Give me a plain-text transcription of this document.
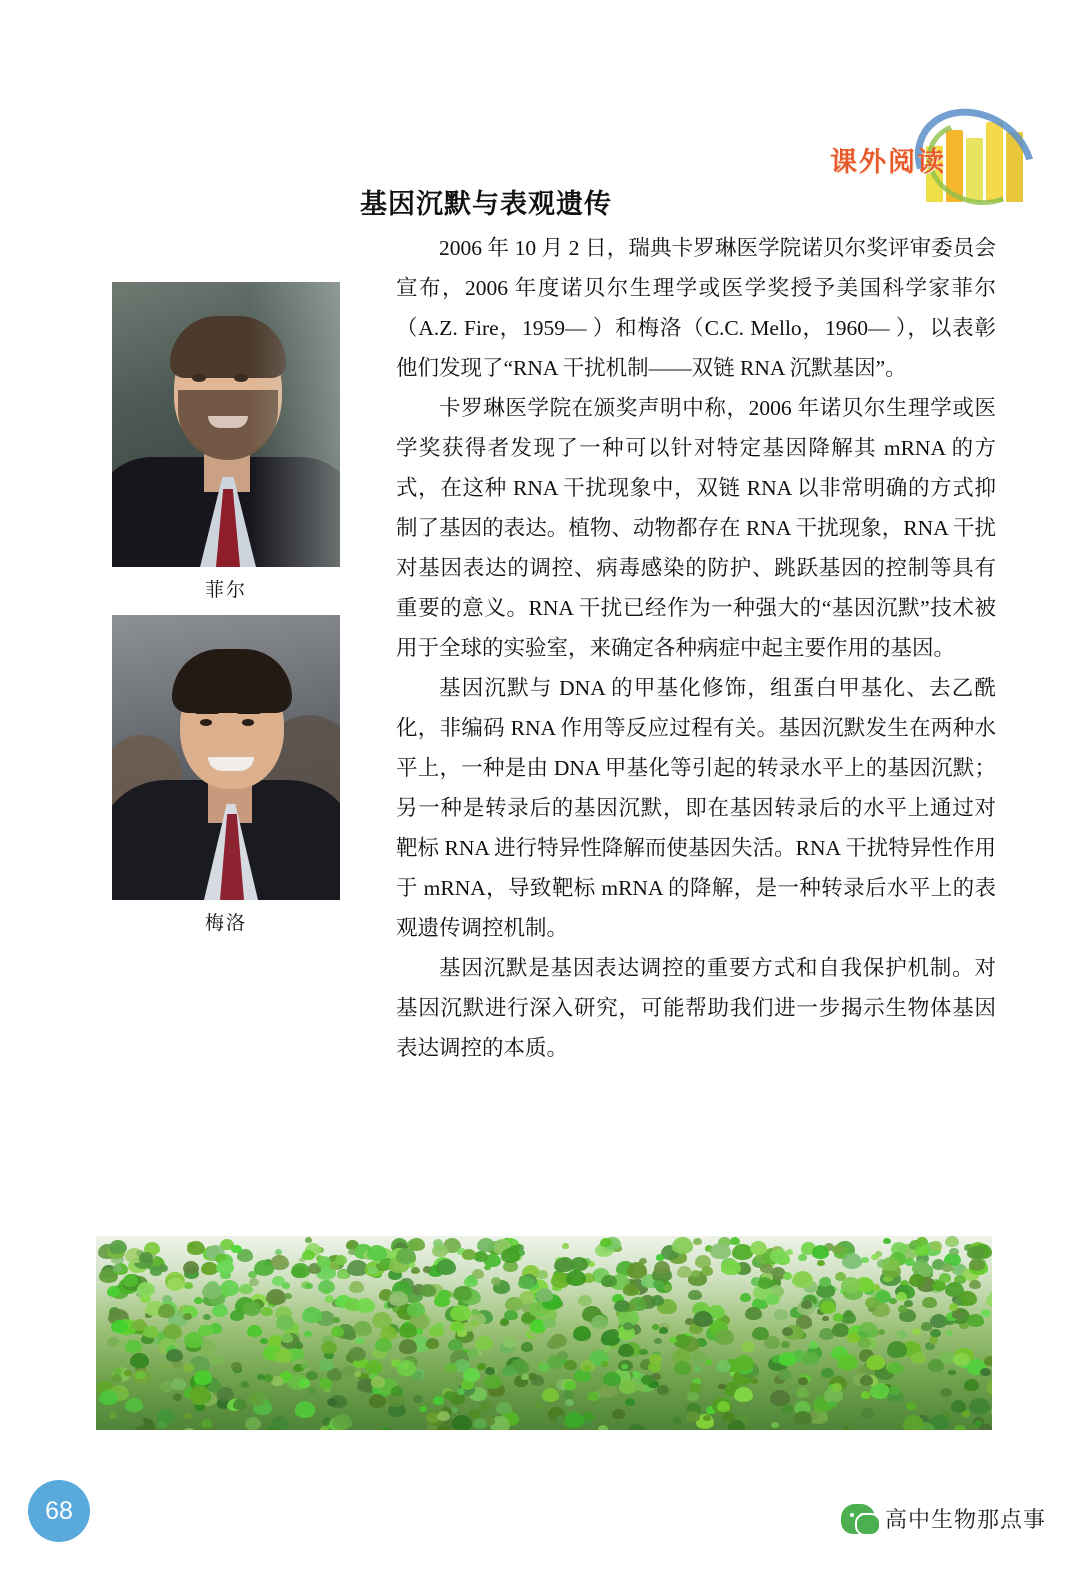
课外阅读
基因沉默与表观遗传
菲尔
梅洛

2006 年 10 月 2 日，瑞典卡罗琳医学院诺贝尔奖评审委员会宣布，2006 年度诺贝尔生理学或医学奖授予美国科学家菲尔（A.Z. Fire，1959— ）和梅洛（C.C. Mello，1960— ），以表彰他们发现了“RNA 干扰机制——双链 RNA 沉默基因”。

卡罗琳医学院在颁奖声明中称，2006 年诺贝尔生理学或医学奖获得者发现了一种可以针对特定基因降解其 mRNA 的方式，在这种 RNA 干扰现象中，双链 RNA 以非常明确的方式抑制了基因的表达。植物、动物都存在 RNA 干扰现象，RNA 干扰对基因表达的调控、病毒感染的防护、跳跃基因的控制等具有重要的意义。RNA 干扰已经作为一种强大的“基因沉默”技术被用于全球的实验室，来确定各种病症中起主要作用的基因。

基因沉默与 DNA 的甲基化修饰，组蛋白甲基化、去乙酰化，非编码 RNA 作用等反应过程有关。基因沉默发生在两种水平上，一种是由 DNA 甲基化等引起的转录水平上的基因沉默；另一种是转录后的基因沉默，即在基因转录后的水平上通过对靶标 RNA 进行特异性降解而使基因失活。RNA 干扰特异性作用于 mRNA，导致靶标 mRNA 的降解，是一种转录后水平上的表观遗传调控机制。

基因沉默是基因表达调控的重要方式和自我保护机制。对基因沉默进行深入研究，可能帮助我们进一步揭示生物体基因表达调控的本质。

68	高中生物那点事
